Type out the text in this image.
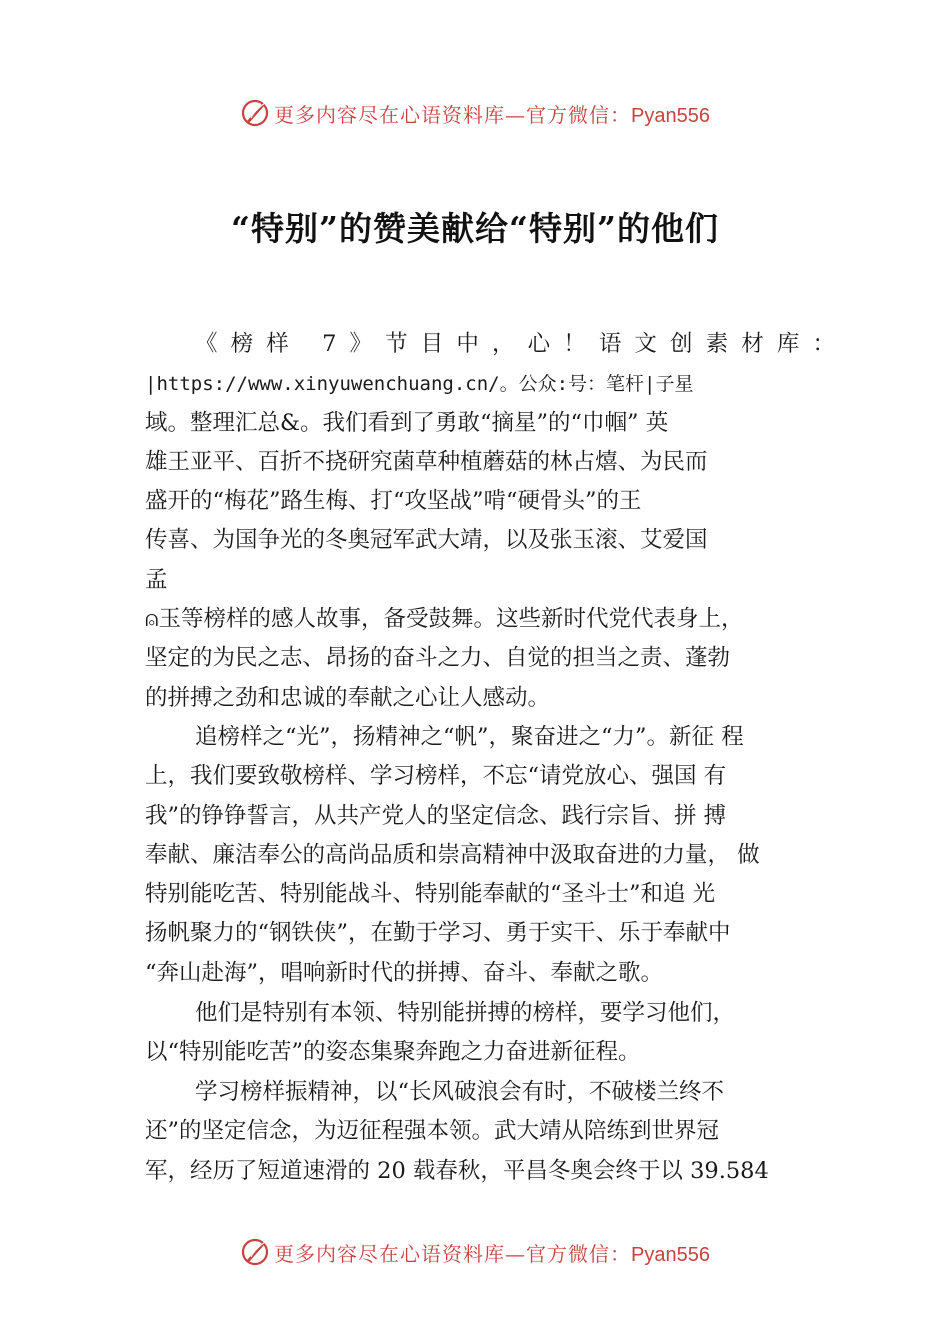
更多内容尽在心语资料库—官方微信：Pyan556
“特别”的赞美献给“特别”的他们
《榜样 7》节目中，心！语文创素材库：
|https://www.xinyuwenchuang.cn/。公众:号：笔杆|子星
域。整理汇总&。我们看到了勇敢“摘星”的“巾帼” 英
雄王亚平、百折不挠研究菌草种植蘑菇的林占熺、为民而
盛开的“梅花”路生梅、打“攻坚战”啃“硬骨头”的王
传喜、为国争光的冬奥冠军武大靖，以及张玉滚、艾爱国
孟
⍝玉等榜样的感人故事，备受鼓舞。这些新时代党代表身上，
坚定的为民之志、昂扬的奋斗之力、自觉的担当之责、蓬勃
的拼搏之劲和忠诚的奉献之心让人感动。
追榜样之“光”，扬精神之“帆”，聚奋进之“力”。新征 程
上，我们要致敬榜样、学习榜样，不忘“请党放心、强国 有
我”的铮铮誓言，从共产党人的坚定信念、践行宗旨、拼 搏
奉献、廉洁奉公的高尚品质和崇高精神中汲取奋进的力量， 做
特别能吃苦、特别能战斗、特别能奉献的“圣斗士”和追 光
扬帆聚力的“钢铁侠”，在勤于学习、勇于实干、乐于奉献中
“奔山赴海”，唱响新时代的拼搏、奋斗、奉献之歌。
他们是特别有本领、特别能拼搏的榜样，要学习他们，
以“特别能吃苦”的姿态集聚奔跑之力奋进新征程。
学习榜样振精神，以“长风破浪会有时，不破楼兰终不
还”的坚定信念，为迈征程强本领。武大靖从陪练到世界冠
军，经历了短道速滑的 20 载春秋，平昌冬奥会终于以 39.584
更多内容尽在心语资料库—官方微信：Pyan556
